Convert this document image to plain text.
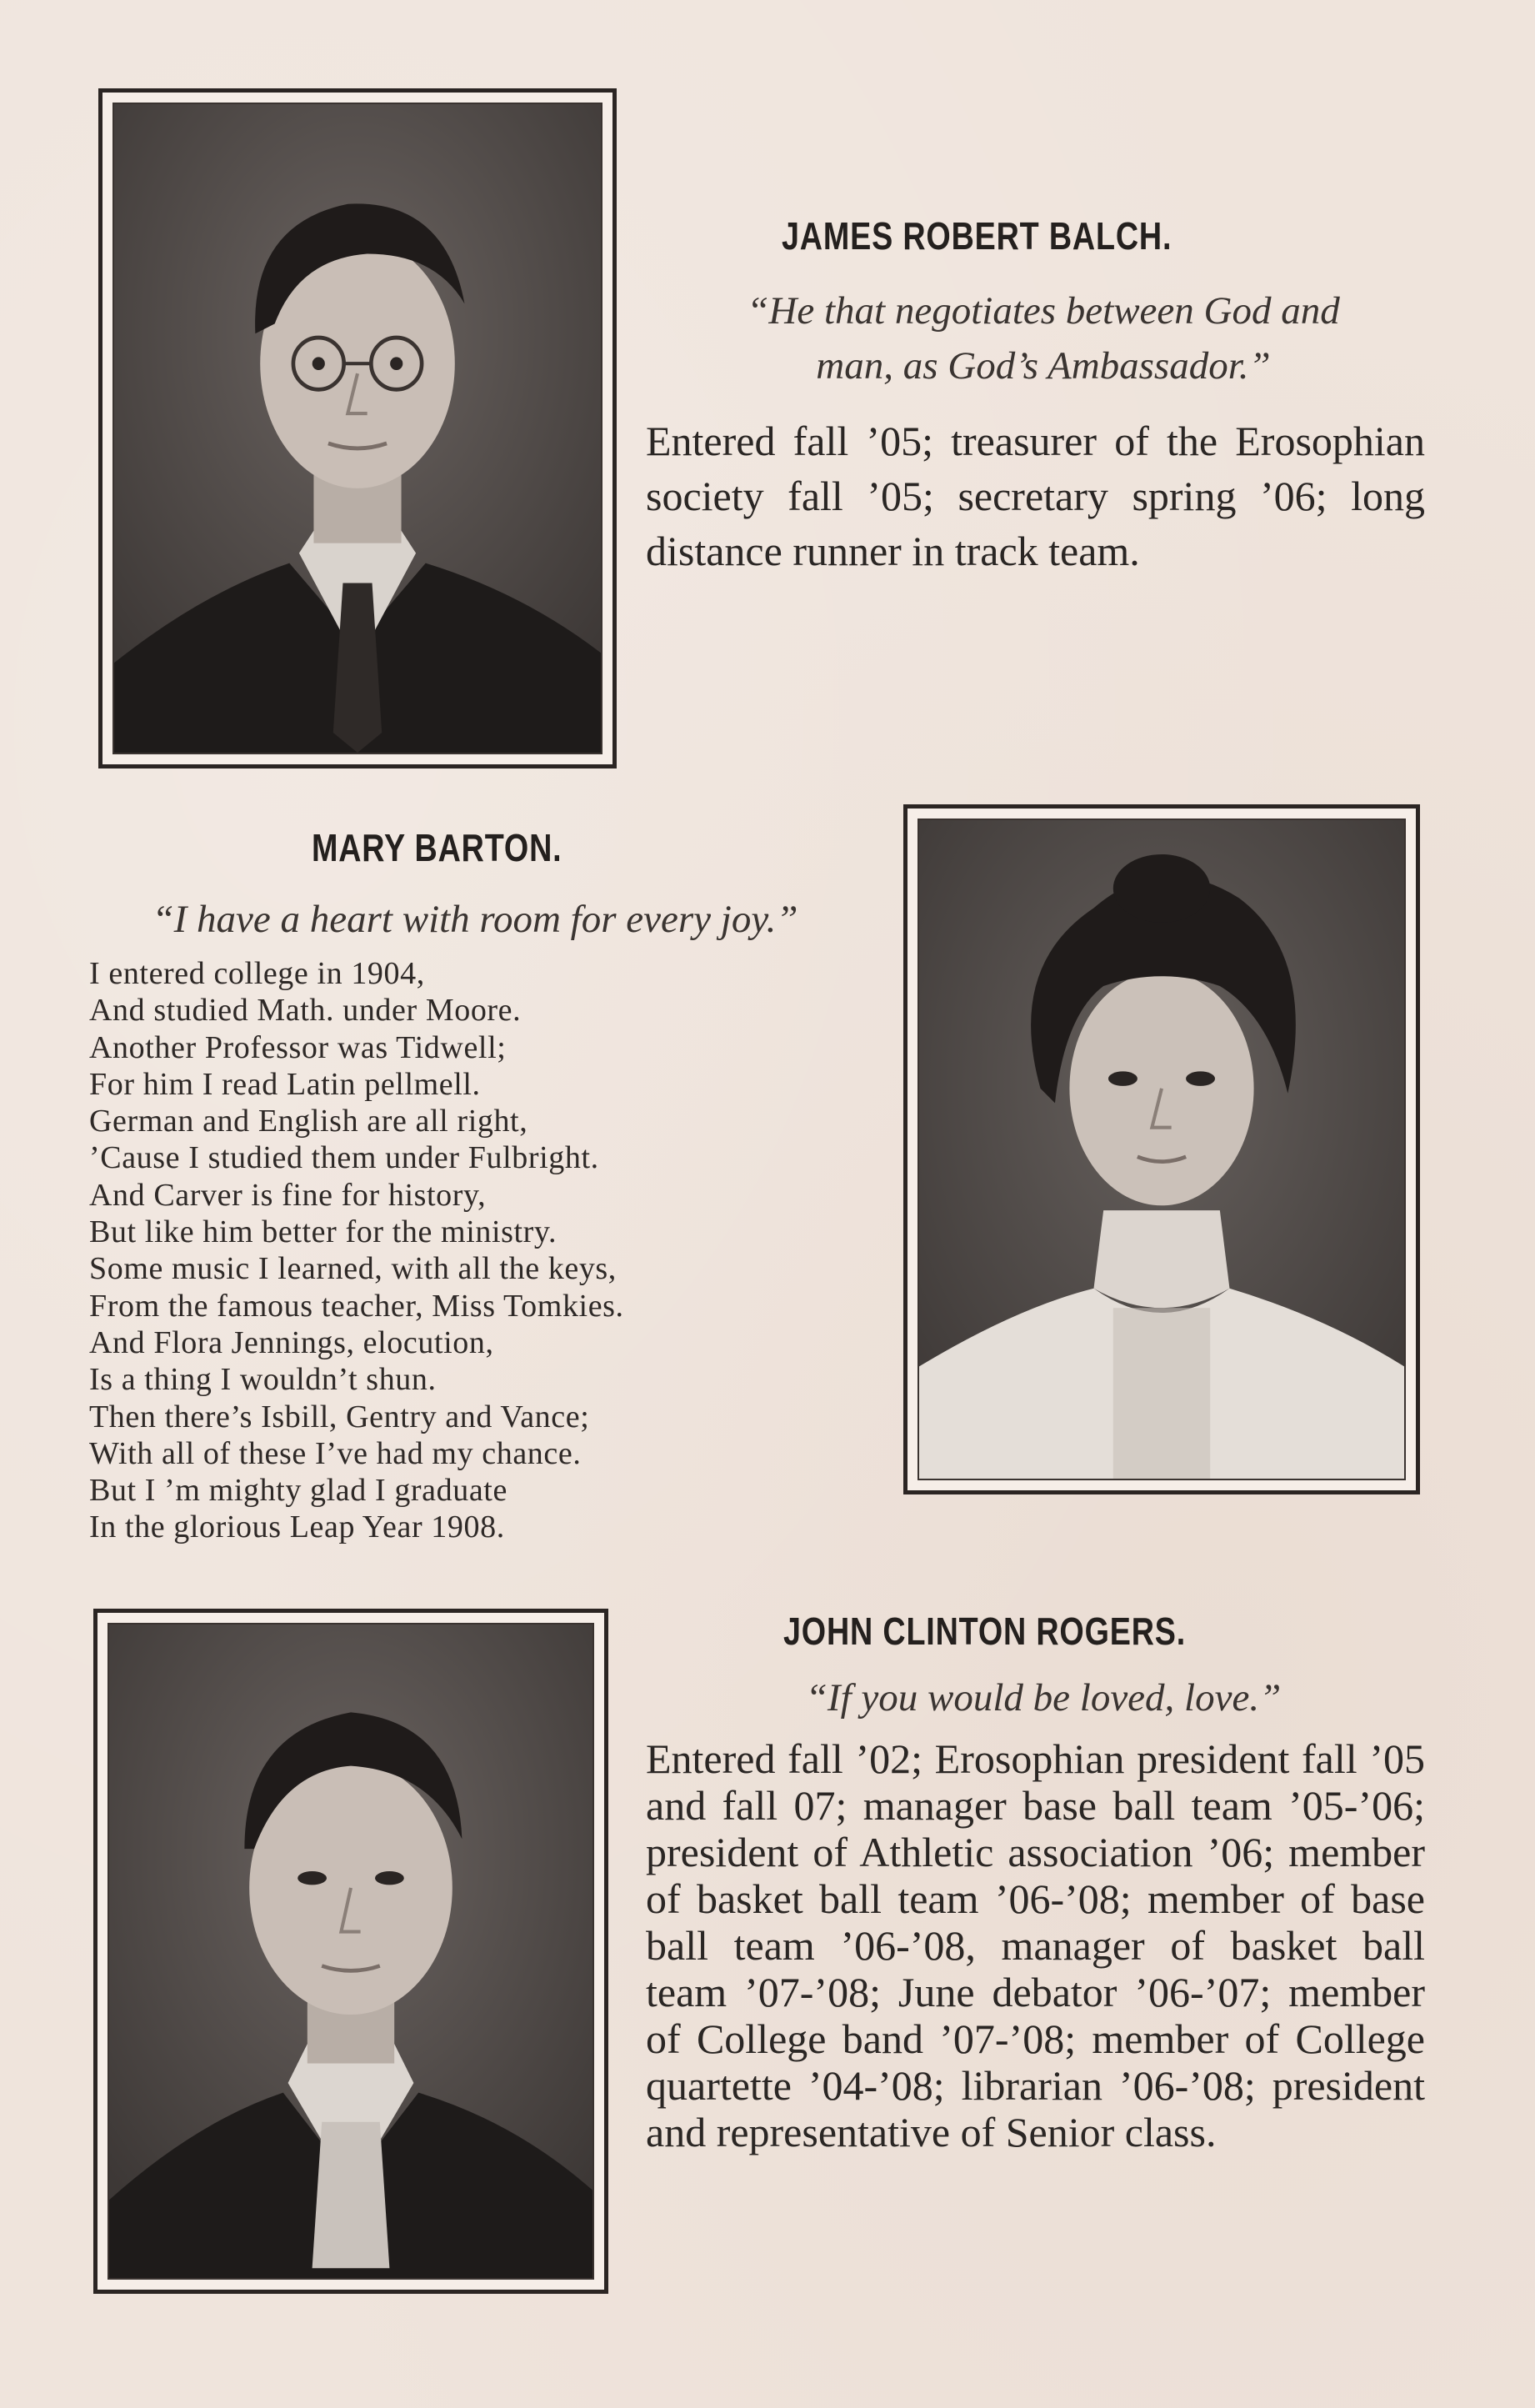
JAMES ROBERT BALCH.
“He that negotiates between God and
man, as God’s Ambassador.”
Entered fall ’05; treasurer of the Erosophian society fall ’05; secretary spring ’06; long distance runner in track team.
MARY BARTON.
“I have a heart with room for every joy.”
I entered college in 1904,
And studied Math. under Moore.
Another Professor was Tidwell;
For him I read Latin pellmell.
German and English are all right,
’Cause I studied them under Fulbright.
And Carver is fine for history,
But like him better for the ministry.
Some music I learned, with all the keys,
From the famous teacher, Miss Tomkies.
And Flora Jennings, elocution,
Is a thing I wouldn’t shun.
Then there’s Isbill, Gentry and Vance;
With all of these I’ve had my chance.
But I ’m mighty glad I graduate
In the glorious Leap Year 1908.
JOHN CLINTON ROGERS.
“If you would be loved, love.”
Entered fall ’02; Erosophian president fall ’05 and fall 07; manager base ball team ’05-’06; president of Athletic association ’06; member of basket ball team ’06-’08; member of base ball team ’06-’08, manager of basket ball team ’07-’08; June debator ’06-’07; member of College band ’07-’08; member of College quartette ’04-’08; librarian ’06-’08; president and representative of Senior class.
